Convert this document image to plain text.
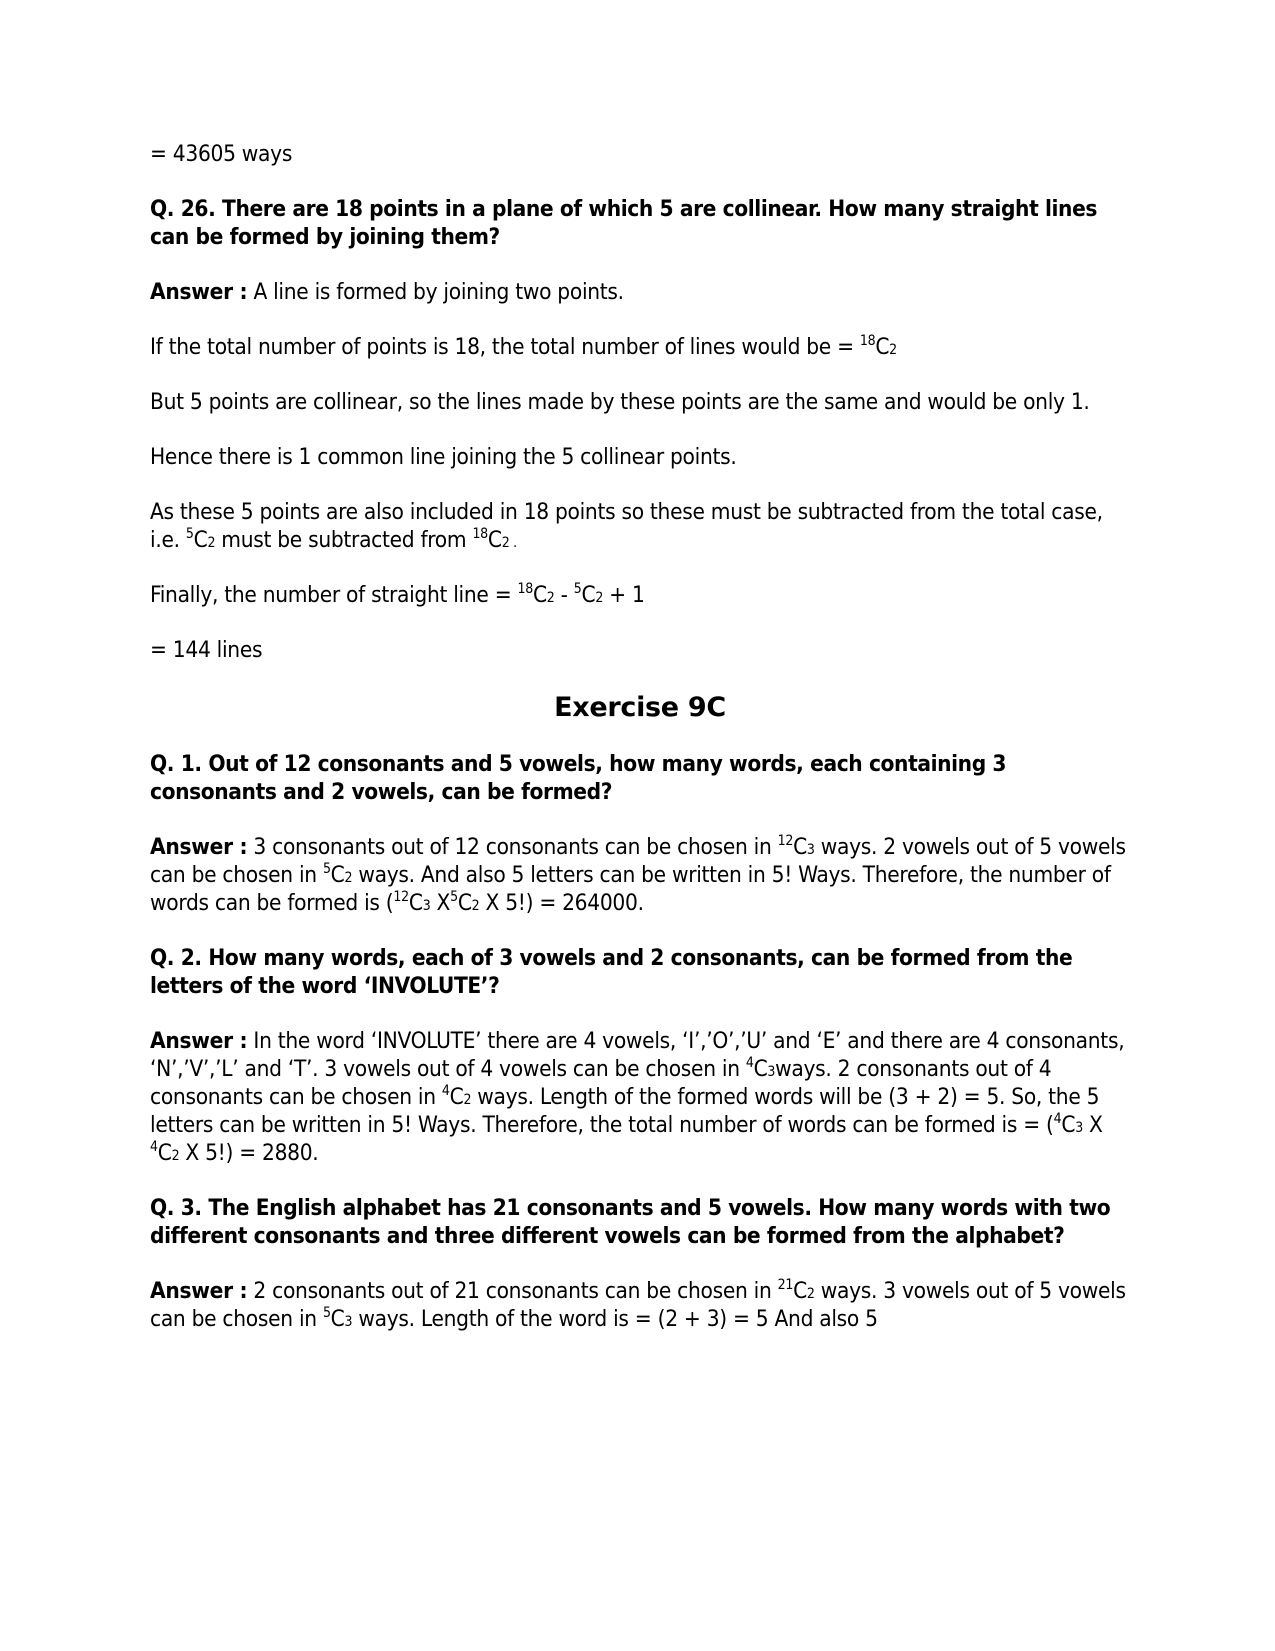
= 43605 ways

Q. 26. There are 18 points in a plane of which 5 are collinear. How many straight lines can be formed by joining them?

Answer : A line is formed by joining two points.

If the total number of points is 18, the total number of lines would be = $^{18}$C2

But 5 points are collinear, so the lines made by these points are the same and would be only 1.

Hence there is 1 common line joining the 5 collinear points.

As these 5 points are also included in 18 points so these must be subtracted from the total case, i.e. $^5$C2 must be subtracted from $^{18}$C2 .

Finally, the number of straight line = $^{18}$C2 - $^5$C2 + 1

= 144 lines

Exercise 9C

Q. 1. Out of 12 consonants and 5 vowels, how many words, each containing 3 consonants and 2 vowels, can be formed?

Answer : 3 consonants out of 12 consonants can be chosen in $^{12}$C3 ways. 2 vowels out of 5 vowels can be chosen in $^5$C2 ways. And also 5 letters can be written in 5! Ways. Therefore, the number of words can be formed is ($^{12}$C3 $X^5C2$ X 5!) = 264000.

Q. 2. How many words, each of 3 vowels and 2 consonants, can be formed from the letters of the word ‘INVOLUTE’?

Answer : In the word ‘INVOLUTE’ there are 4 vowels, ‘I’,’O’,’U’ and ‘E’ and there are 4 consonants, ‘N’,’V’,’L’ and ‘T’. 3 vowels out of 4 vowels can be chosen in $^4$C3ways. 2 consonants out of 4 consonants can be chosen in $^4$C2 ways. Length of the formed words will be (3 + 2) = 5. So, the 5 letters can be written in 5! Ways. Therefore, the total number of words can be formed is = ($^4$C3 X $^4$C2 X 5!) = 2880.

Q. 3. The English alphabet has 21 consonants and 5 vowels. How many words with two different consonants and three different vowels can be formed from the alphabet?

Answer : 2 consonants out of 21 consonants can be chosen in $^{21}$C2 ways. 3 vowels out of 5 vowels can be chosen in $^5$C3 ways. Length of the word is = (2 + 3) = 5 And also 5
